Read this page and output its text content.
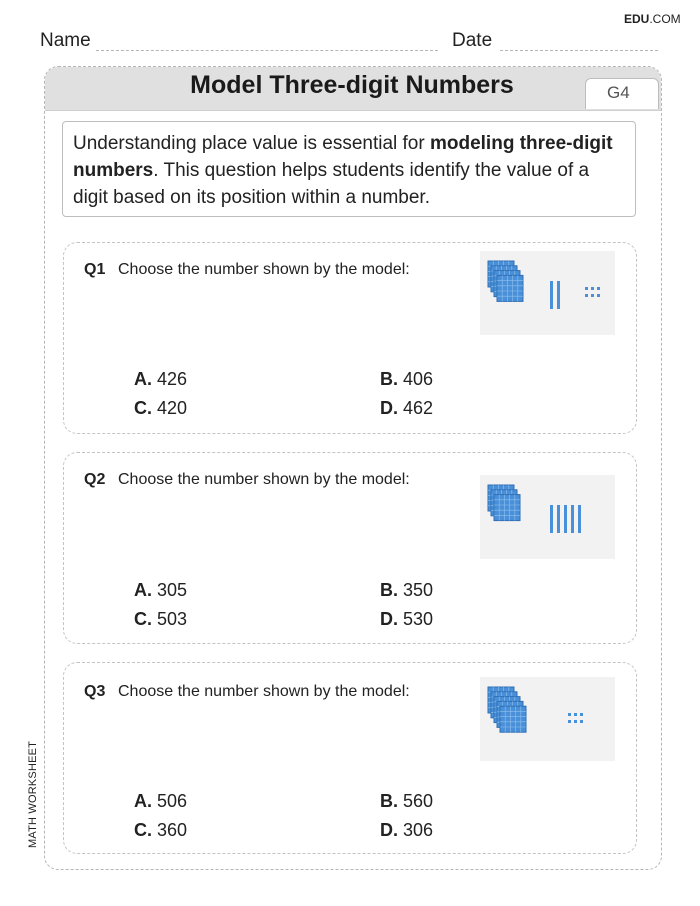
EDU.COM
Name	Date
MATH WORKSHEET
Model Three-digit Numbers	G4
Understanding place value is essential for modeling three-digit numbers. This question helps students identify the value of a digit based on its position within a number.
Q1 Choose the number shown by the model:
A. 426	B. 406
C. 420	D. 462
Q2 Choose the number shown by the model:
A. 305	B. 350
C. 503	D. 530
Q3 Choose the number shown by the model:
A. 506	B. 560
C. 360	D. 306
